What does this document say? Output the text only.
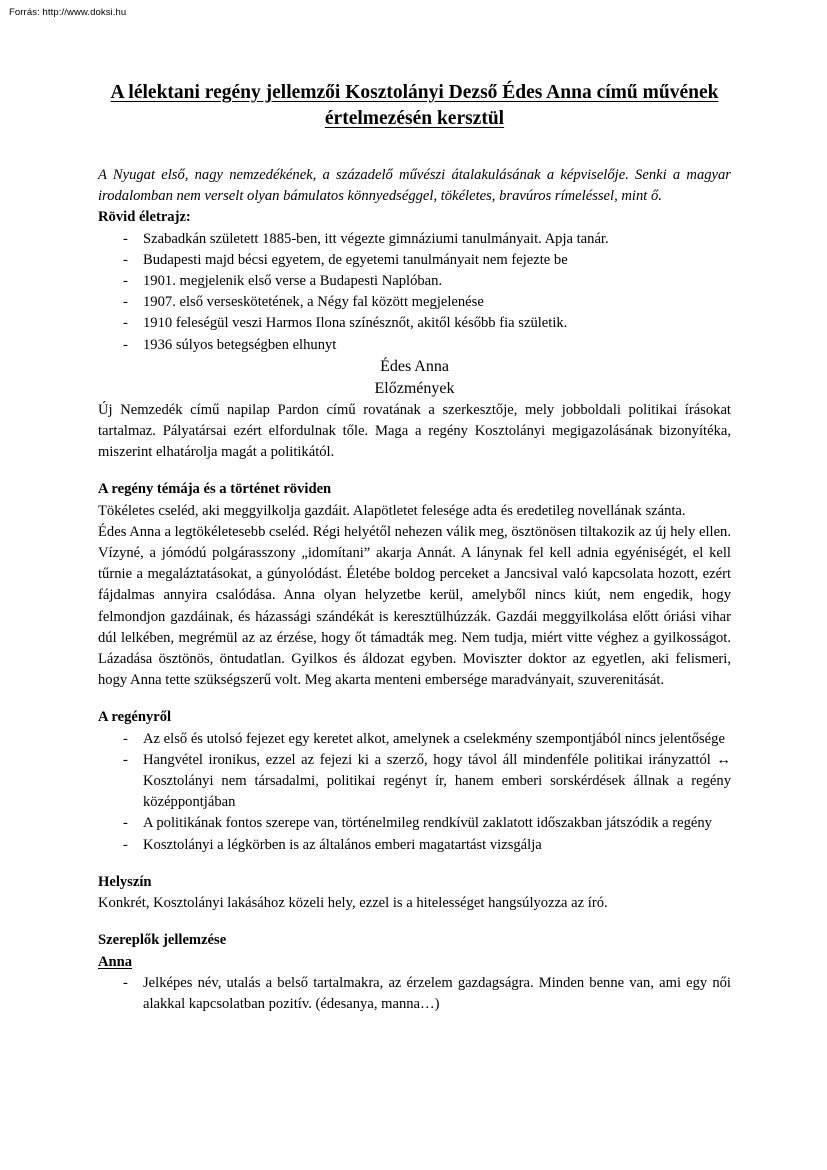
Forrás: http://www.doksi.hu
A lélektani regény jellemzői Kosztolányi Dezső Édes Anna című művének értelmezésén kersztül

A Nyugat első, nagy nemzedékének, a századelő művészi átalakulásának a képviselője. Senki a magyar irodalomban nem verselt olyan bámulatos könnyedséggel, tökéletes, bravúros rímeléssel, mint ő.

Rövid életrajz:
- Szabadkán született 1885-ben, itt végezte gimnáziumi tanulmányait. Apja tanár.
- Budapesti majd bécsi egyetem, de egyetemi tanulmányait nem fejezte be
- 1901. megjelenik első verse a Budapesti Naplóban.
- 1907. első verseskötetének, a Négy fal között megjelenése
- 1910 feleségül veszi Harmos Ilona színésznőt, akitől később fia születik.
- 1936 súlyos betegségben elhunyt
Édes Anna
Előzmények

Új Nemzedék című napilap Pardon című rovatának a szerkesztője, mely jobboldali politikai írásokat tartalmaz. Pályatársai ezért elfordulnak tőle. Maga a regény Kosztolányi megigazolásának bizonyítéka, miszerint elhatárolja magát a politikától.

A regény témája és a történet röviden

Tökéletes cseléd, aki meggyilkolja gazdáit. Alapötletet felesége adta és eredetileg novellának szánta.

Édes Anna a legtökéletesebb cseléd. Régi helyétől nehezen válik meg, ösztönösen tiltakozik az új hely ellen. Vízyné, a jómódú polgárasszony „idomítani” akarja Annát. A lánynak fel kell adnia egyéniségét, el kell tűrnie a megaláztatásokat, a gúnyolódást. Életébe boldog perceket a Jancsival való kapcsolata hozott, ezért fájdalmas annyira csalódása. Anna olyan helyzetbe kerül, amelyből nincs kiút, nem engedik, hogy felmondjon gazdáinak, és házassági szándékát is keresztülhúzzák. Gazdái meggyilkolása előtt óriási vihar dúl lelkében, megrémül az az érzése, hogy őt támadták meg. Nem tudja, miért vitte véghez a gyilkosságot. Lázadása ösztönös, öntudatlan. Gyilkos és áldozat egyben. Moviszter doktor az egyetlen, aki felismeri, hogy Anna tette szükségszerű volt. Meg akarta menteni embersége maradványait, szuverenitását.

A regényről
- Az első és utolsó fejezet egy keretet alkot, amelynek a cselekmény szempontjából nincs jelentősége
- Hangvétel ironikus, ezzel az fejezi ki a szerző, hogy távol áll mindenféle politikai irányzattól ↔ Kosztolányi nem társadalmi, politikai regényt ír, hanem emberi sorskérdések állnak a regény középpontjában
- A politikának fontos szerepe van, történelmileg rendkívül zaklatott időszakban játszódik a regény
- Kosztolányi a légkörben is az általános emberi magatartást vizsgálja
Helyszín

Konkrét, Kosztolányi lakásához közeli hely, ezzel is a hitelességet hangsúlyozza az író.

Szereplők jellemzése
Anna
- Jelképes név, utalás a belső tartalmakra, az érzelem gazdagságra. Minden benne van, ami egy női alakkal kapcsolatban pozitív. (édesanya, manna…)
